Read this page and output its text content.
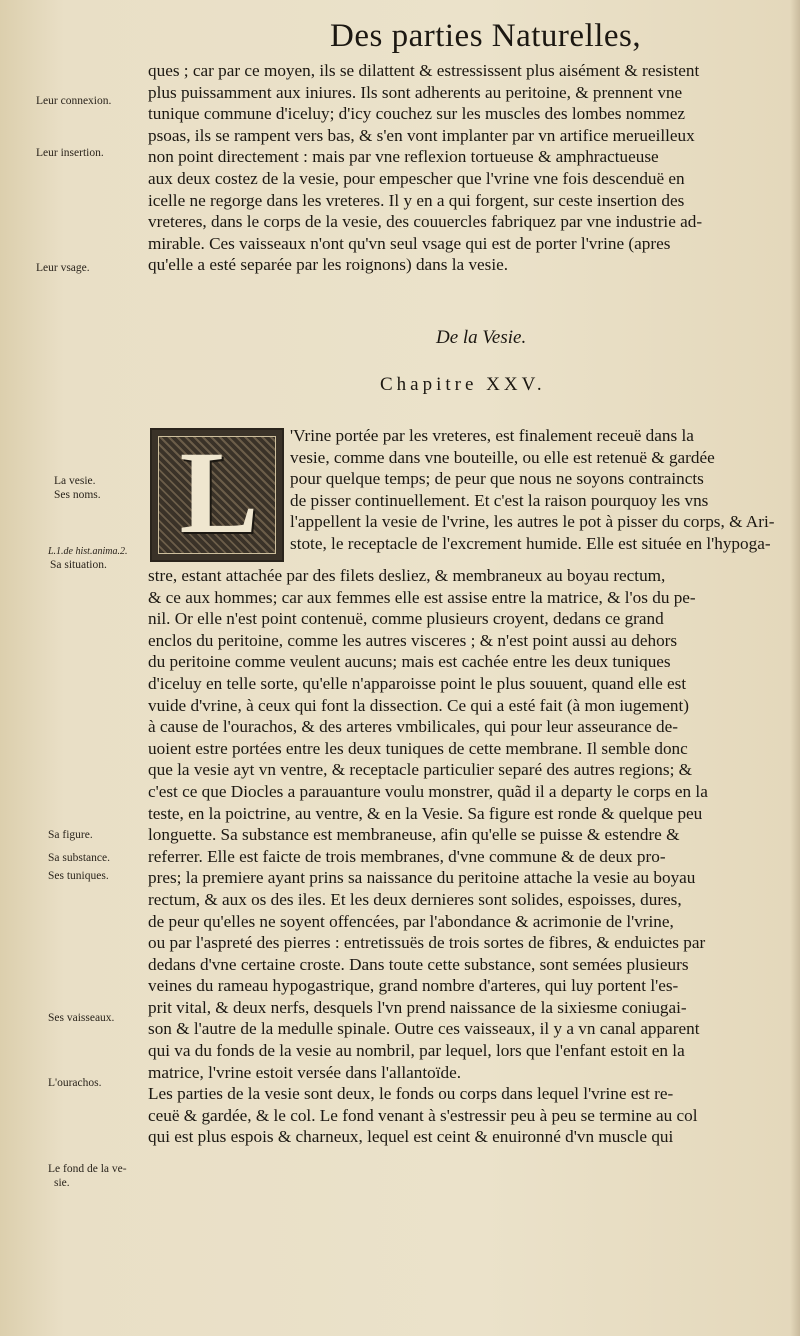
Des parties Naturelles,
Leur connexion.
Leur insertion.
Leur vsage.
La vesie.
Ses noms.
L.1.de hist.anima.2.
Sa situation.
Sa figure.
Sa substance.
Ses tuniques.
Ses vaisseaux.
L'ourachos.
Le fond de la ve-
sie.
ques ; car par ce moyen, ils se dilattent & estressissent plus aisément & resistent
plus puissamment aux iniures. Ils sont adherents au peritoine, & prennent vne
tunique commune d'iceluy; d'icy couchez sur les muscles des lombes nommez
psoas, ils se rampent vers bas, & s'en vont implanter par vn artifice merueilleux
non point directement : mais par vne reflexion tortueuse & amphractueuse
aux deux costez de la vesie, pour empescher que l'vrine vne fois descenduë en
icelle ne regorge dans les vreteres. Il y en a qui forgent, sur ceste insertion des
vreteres, dans le corps de la vesie, des couuercles fabriquez par vne industrie ad-
mirable. Ces vaisseaux n'ont qu'vn seul vsage qui est de porter l'vrine (apres
qu'elle a esté separée par les roignons) dans la vesie.
De la Vesie.
Chapitre XXV.
L 'Vrine portée par les vreteres, est finalement receuë dans la
vesie, comme dans vne bouteille, ou elle est retenuë & gardée
pour quelque temps; de peur que nous ne soyons contraincts
de pisser continuellement. Et c'est la raison pourquoy les vns
l'appellent la vesie de l'vrine, les autres le pot à pisser du corps, & Ari-
stote, le receptacle de l'excrement humide. Elle est située en l'hypoga-
stre, estant attachée par des filets desliez, & membraneux au boyau rectum,
& ce aux hommes; car aux femmes elle est assise entre la matrice, & l'os du pe-
nil. Or elle n'est point contenuë, comme plusieurs croyent, dedans ce grand
enclos du peritoine, comme les autres visceres ; & n'est point aussi au dehors
du peritoine comme veulent aucuns; mais est cachée entre les deux tuniques
d'iceluy en telle sorte, qu'elle n'apparoisse point le plus souuent, quand elle est
vuide d'vrine, à ceux qui font la dissection. Ce qui a esté fait (à mon iugement)
à cause de l'ourachos, & des arteres vmbilicales, qui pour leur asseurance de-
uoient estre portées entre les deux tuniques de cette membrane. Il semble donc
que la vesie ayt vn ventre, & receptacle particulier separé des autres regions; &
c'est ce que Diocles a parauanture voulu monstrer, quãd il a departy le corps en la
teste, en la poictrine, au ventre, & en la Vesie. Sa figure est ronde & quelque peu
longuette. Sa substance est membraneuse, afin qu'elle se puisse & estendre &
referrer. Elle est faicte de trois membranes, d'vne commune & de deux pro-
pres; la premiere ayant prins sa naissance du peritoine attache la vesie au boyau
rectum, & aux os des iles. Et les deux dernieres sont solides, espoisses, dures,
de peur qu'elles ne soyent offencées, par l'abondance & acrimonie de l'vrine,
ou par l'aspreté des pierres : entretissuës de trois sortes de fibres, & enduictes par
dedans d'vne certaine croste. Dans toute cette substance, sont semées plusieurs
veines du rameau hypogastrique, grand nombre d'arteres, qui luy portent l'es-
prit vital, & deux nerfs, desquels l'vn prend naissance de la sixiesme coniugai-
son & l'autre de la medulle spinale. Outre ces vaisseaux, il y a vn canal apparent
qui va du fonds de la vesie au nombril, par lequel, lors que l'enfant estoit en la
matrice, l'vrine estoit versée dans l'allantoïde.
Les parties de la vesie sont deux, le fonds ou corps dans lequel l'vrine est re-
ceuë & gardée, & le col. Le fond venant à s'estressir peu à peu se termine au col
qui est plus espois & charneux, lequel est ceint & enuironné d'vn muscle qui
